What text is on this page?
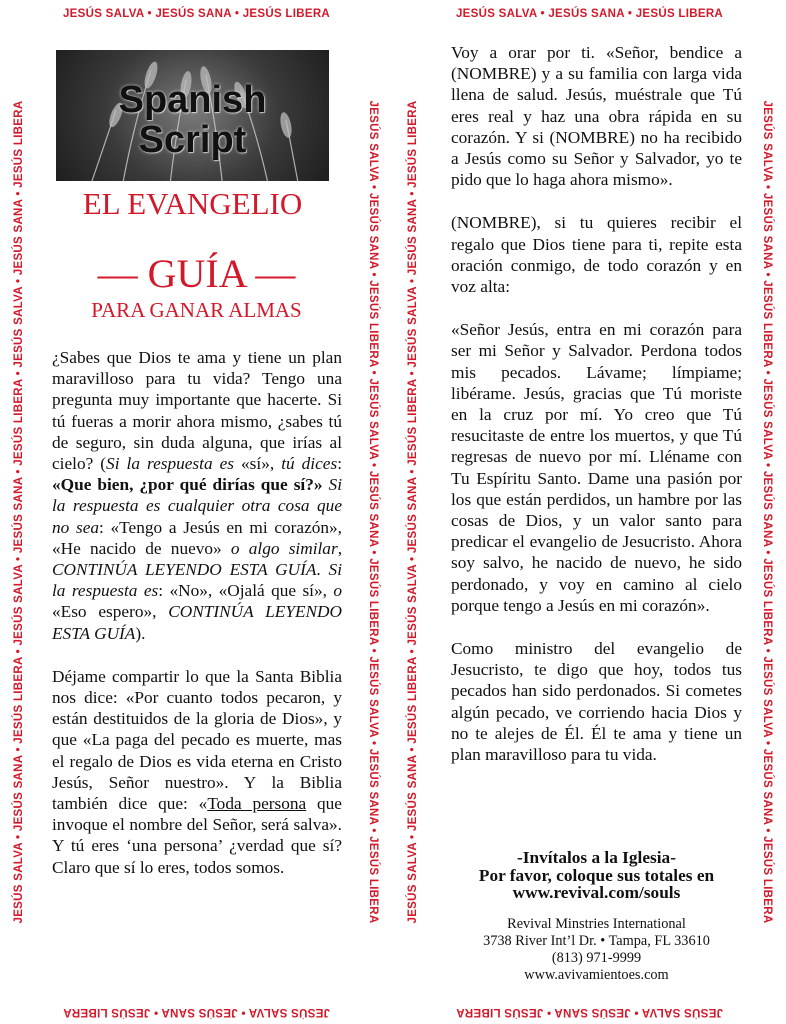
JESÚS SALVA • JESÚS SANA • JESÚS LIBERA
JESÚS SALVA • JESÚS SANA • JESÚS LIBERA
JESÚS SALVA • JESÚS SANA • JESÚS LIBERA • JESÚS SALVA • JESÚS SANA • JESÚS LIBERA • JESÚS SALVA • JESÚS SANA • JESÚS LIBERA	JESÚS SALVA • JESÚS SANA • JESÚS LIBERA • JESÚS SALVA • JESÚS SANA • JESÚS LIBERA • JESÚS SALVA • JESÚS SANA • JESÚS LIBERA
Spanish
Script
EL EVANGELIO
— GUÍA —
PARA GANAR ALMAS

¿Sabes que Dios te ama y tiene un plan maravilloso para tu vida? Tengo una pregunta muy importante que hacerte. Si tú fueras a morir ahora mismo, ¿sabes tú de seguro, sin duda alguna, que irías al cielo? (Si la respuesta es «sí», tú dices: «Que bien, ¿por qué dirías que sí?» Si la respuesta es cualquier otra cosa que no sea: «Tengo a Jesús en mi corazón», «He nacido de nuevo» o algo similar, CONTINÚA LEYENDO ESTA GUÍA. Si la respuesta es: «No», «Ojalá que sí», o «Eso espero», CONTINÚA LEYENDO ESTA GUÍA).

Déjame compartir lo que la Santa Biblia nos dice: «Por cuanto todos pecaron, y están destituidos de la gloria de Dios», y que «La paga del pecado es muerte, mas el regalo de Dios es vida eterna en Cristo Jesús, Señor nuestro». Y la Biblia también dice que: «Toda persona que invoque el nombre del Señor, será salva». Y tú eres ‘una persona’ ¿verdad que sí? Claro que sí lo eres, todos somos.

JESÚS SALVA • JESÚS SANA • JESÚS LIBERA
JESÚS SALVA • JESÚS SANA • JESÚS LIBERA
JESÚS SALVA • JESÚS SANA • JESÚS LIBERA • JESÚS SALVA • JESÚS SANA • JESÚS LIBERA • JESÚS SALVA • JESÚS SANA • JESÚS LIBERA	JESÚS SALVA • JESÚS SANA • JESÚS LIBERA • JESÚS SALVA • JESÚS SANA • JESÚS LIBERA • JESÚS SALVA • JESÚS SANA • JESÚS LIBERA

Voy a orar por ti. «Señor, bendice a (NOMBRE) y a su familia con larga vida llena de salud. Jesús, muéstrale que Tú eres real y haz una obra rápida en su corazón. Y si (NOMBRE) no ha recibido a Jesús como su Señor y Salvador, yo te pido que lo haga ahora mismo».

(NOMBRE), si tu quieres recibir el regalo que Dios tiene para ti, repite esta oración conmigo, de todo corazón y en voz alta:

«Señor Jesús, entra en mi corazón para ser mi Señor y Salvador. Perdona todos mis pecados. Lávame; límpiame; libérame. Jesús, gracias que Tú moriste en la cruz por mí. Yo creo que Tú resucitaste de entre los muertos, y que Tú regresas de nuevo por mí. Lléname con Tu Espíritu Santo. Dame una pasión por los que están perdidos, un hambre por las cosas de Dios, y un valor santo para predicar el evangelio de Jesucristo. Ahora soy salvo, he nacido de nuevo, he sido perdonado, y voy en camino al cielo porque tengo a Jesús en mi corazón».

Como ministro del evangelio de Jesucristo, te digo que hoy, todos tus pecados han sido perdonados. Si cometes algún pecado, ve corriendo hacia Dios y no te alejes de Él. Él te ama y tiene un plan maravilloso para tu vida.

-Invítalos a la Iglesia-
Por favor, coloque sus totales en
www.revival.com/souls
Revival Minstries International
3738 River Int’l Dr. • Tampa, FL 33610
(813) 971-9999
www.avivamientoes.com
